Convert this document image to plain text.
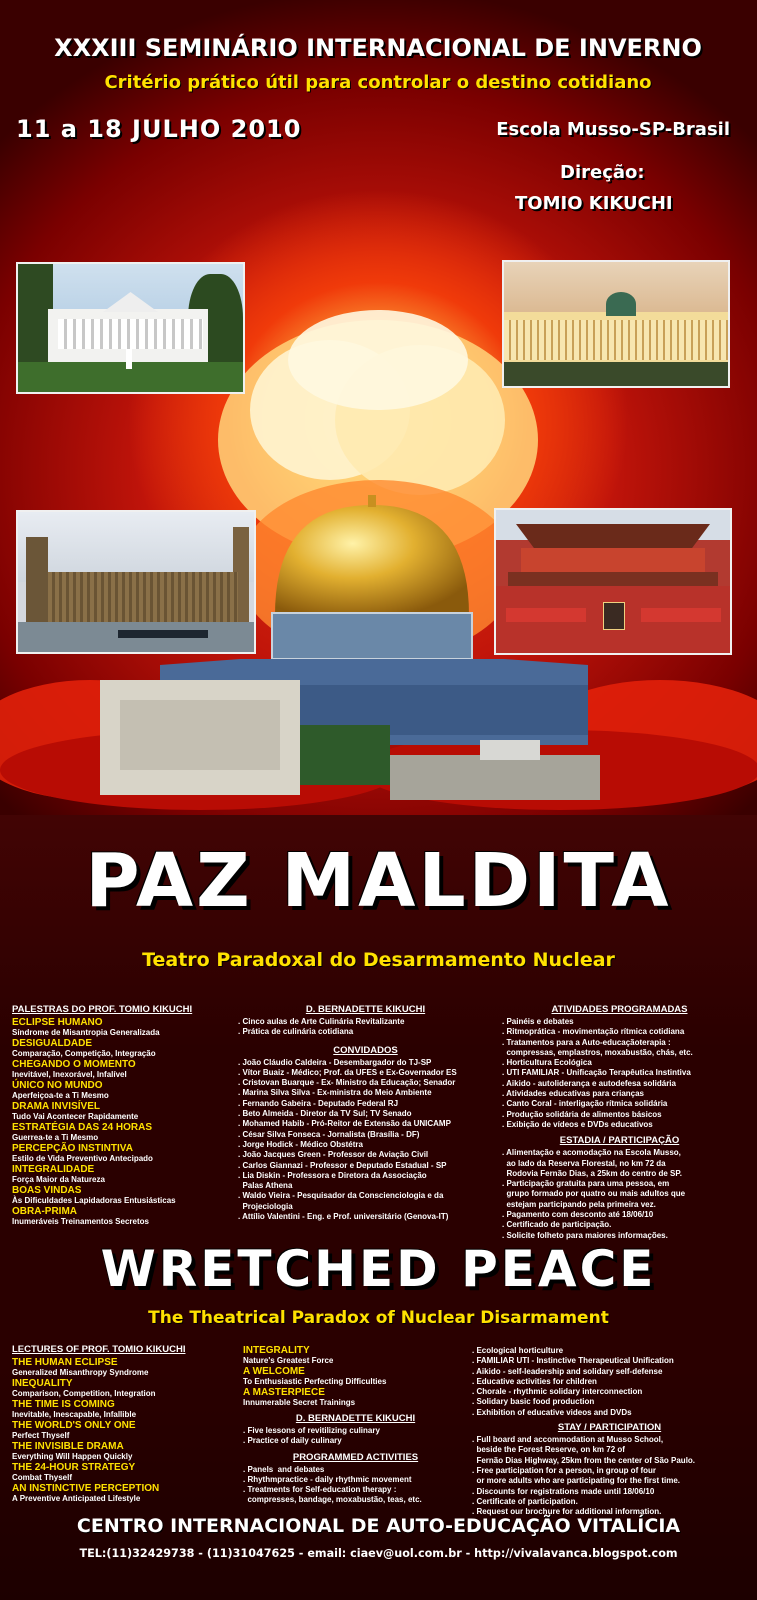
XXXIII SEMINÁRIO INTERNACIONAL DE INVERNO
Critério prático útil para controlar o destino cotidiano
11 a 18 JULHO 2010	Escola Musso-SP-Brasil
Direção:
TOMIO KIKUCHI
PAZ MALDITA
Teatro Paradoxal do Desarmamento Nuclear
PALESTRAS DO PROF. TOMIO KIKUCHI
ECLIPSE HUMANO
Síndrome de Misantropia Generalizada
DESIGUALDADE
Comparação, Competição, Integração
CHEGANDO O MOMENTO
Inevitável, Inexorável, Infalível
ÚNICO NO MUNDO
Aperfeiçoa-te a Ti Mesmo
DRAMA INVISÍVEL
Tudo Vai Acontecer Rapidamente
ESTRATÉGIA DAS 24 HORAS
Guerrea-te a Ti Mesmo
PERCEPÇÃO INSTINTIVA
Estilo de Vida Preventivo Antecipado
INTEGRALIDADE
Força Maior da Natureza
BOAS VINDAS
Às Dificuldades Lapidadoras Entusiásticas
OBRA-PRIMA
Inumeráveis Treinamentos Secretos
D. BERNADETTE KIKUCHI
. Cinco aulas de Arte Culinária Revitalizante
. Prática de culinária cotidiana
CONVIDADOS
. João Cláudio Caldeira - Desembargador do TJ-SP
. Vítor Buaiz - Médico; Prof. da UFES e Ex-Governador ES
. Cristovan Buarque - Ex- Ministro da Educação; Senador
. Marina Silva Silva - Ex-ministra do Meio Ambiente
. Fernando Gabeira - Deputado Federal RJ
. Beto Almeida - Diretor da TV Sul; TV Senado
. Mohamed Habib - Pró-Reitor de Extensão da UNICAMP
. César Silva Fonseca - Jornalista (Brasília - DF)
. Jorge Hodick - Médico Obstétra
. João Jacques Green - Professor de Aviação Civil
. Carlos Giannazi - Professor e Deputado Estadual - SP
. Lia Diskin - Professora e Diretora da Associação
Palas Athena
. Waldo Vieira - Pesquisador da Conscienciologia e da
Projeciologia
. Attílio Valentini - Eng. e Prof. universitário (Genova-IT)
ATIVIDADES PROGRAMADAS
. Painéis e debates
. Ritmoprática - movimentação rítmica cotidiana
. Tratamentos para a Auto-educaçãoterapia :
compressas, emplastros, moxabustão, chás, etc.
. Horticultura Ecológica
. UTI FAMILIAR - Unificação Terapêutica Instintiva
. Aikido - autoliderança e autodefesa solidária
. Atividades educativas para crianças
. Canto Coral - interligação rítmica solidária
. Produção solidária de alimentos básicos
. Exibição de vídeos e DVDs educativos
ESTADIA / PARTICIPAÇÃO
. Alimentação e acomodação na Escola Musso,
ao lado da Reserva Florestal, no km 72 da
Rodovia Fernão Dias, a 25km do centro de SP.
. Participação gratuita para uma pessoa, em
grupo formado por quatro ou mais adultos que
estejam participando pela primeira vez.
. Pagamento com desconto até 18/06/10
. Certificado de participação.
. Solicite folheto para maiores informações.
WRETCHED PEACE
The Theatrical Paradox of Nuclear Disarmament
LECTURES OF PROF. TOMIO KIKUCHI
THE HUMAN ECLIPSE
Generalized Misanthropy Syndrome
INEQUALITY
Comparison, Competition, Integration
THE TIME IS COMING
Inevitable, Inescapable, Infallible
THE WORLD'S ONLY ONE
Perfect Thyself
THE INVISIBLE DRAMA
Everything Will Happen Quickly
THE 24-HOUR STRATEGY
Combat Thyself
AN INSTINCTIVE PERCEPTION
A Preventive Anticipated Lifestyle
INTEGRALITY
Nature's Greatest Force
A WELCOME
To Enthusiastic Perfecting Difficulties
A MASTERPIECE
Innumerable Secret Trainings
D. BERNADETTE KIKUCHI
. Five lessons of revitilizing culinary
. Practice of daily culinary
PROGRAMMED ACTIVITIES
. Panels  and debates
. Rhythmpractice - daily rhythmic movement
. Treatments for Self-education therapy :
compresses, bandage, moxabustão, teas, etc.
. Ecological horticulture
. FAMILIAR UTI - Instinctive Therapeutical Unification
. Aikido - self-leadership and solidary self-defense
. Educative activities for children
. Chorale - rhythmic solidary interconnection
. Solidary basic food production
. Exhibition of educative videos and DVDs
STAY / PARTICIPATION
. Full board and accommodation at Musso School,
beside the Forest Reserve, on km 72 of
Fernão Dias Highway, 25km from the center of São Paulo.
. Free participation for a person, in group of four
or more adults who are participating for the first time.
. Discounts for registrations made until 18/06/10
. Certificate of participation.
. Request our brochure for additional information.
CENTRO INTERNACIONAL DE AUTO-EDUCAÇÃO VITALÍCIA
TEL:(11)32429738 - (11)31047625 - email: ciaev@uol.com.br - http://vivalavanca.blogspot.com
